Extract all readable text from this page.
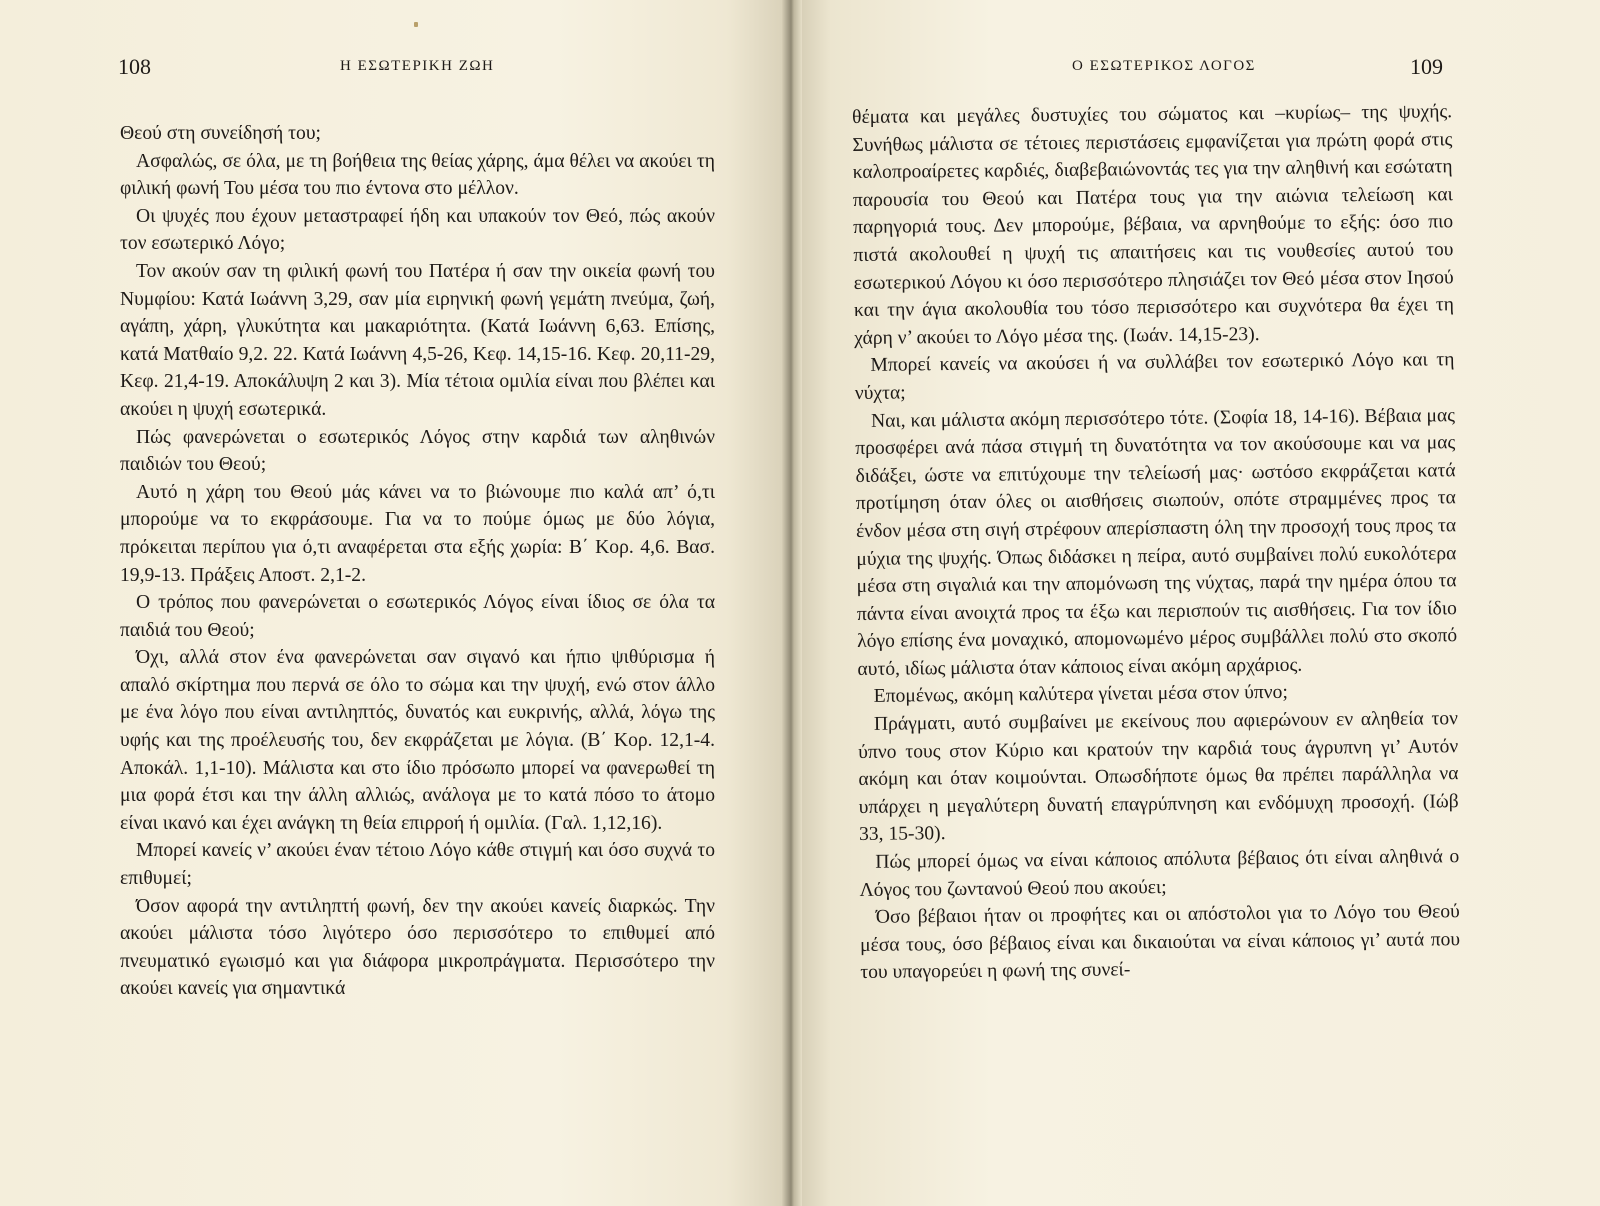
108	Η ΕΣΩΤΕΡΙΚΗ ΖΩΗ

Θεού στη συνείδησή του;

Ασφαλώς, σε όλα, με τη βοήθεια της θείας χάρης, άμα θέλει να ακούει τη φιλική φωνή Του μέσα του πιο έντονα στο μέλλον.

Οι ψυχές που έχουν μεταστραφεί ήδη και υπακούν τον Θεό, πώς ακούν τον εσωτερικό Λόγο;

Τον ακούν σαν τη φιλική φωνή του Πατέρα ή σαν την οικεία φωνή του Νυμφίου: Κατά Ιωάννη 3,29, σαν μία ειρηνική φωνή γεμάτη πνεύμα, ζωή, αγάπη, χάρη, γλυκύτητα και μακαριότητα. (Κατά Ιωάννη 6,63. Επίσης, κατά Ματθαίο 9,2. 22. Κατά Ιωάννη 4,5-26, Κεφ. 14,15-16. Κεφ. 20,11-29, Κεφ. 21,4-19. Αποκάλυψη 2 και 3). Μία τέτοια ομιλία είναι που βλέπει και ακούει η ψυχή εσωτερικά.

Πώς φανερώνεται ο εσωτερικός Λόγος στην καρδιά των αληθινών παιδιών του Θεού;

Αυτό η χάρη του Θεού μάς κάνει να το βιώνουμε πιο καλά απ’ ό,τι μπορούμε να το εκφράσουμε. Για να το πούμε όμως με δύο λόγια, πρόκειται περίπου για ό,τι αναφέρεται στα εξής χωρία: Β΄ Κορ. 4,6. Βασ. 19,9-13. Πράξεις Αποστ. 2,1-2.

Ο τρόπος που φανερώνεται ο εσωτερικός Λόγος είναι ίδιος σε όλα τα παιδιά του Θεού;

Όχι, αλλά στον ένα φανερώνεται σαν σιγανό και ήπιο ψιθύρισμα ή απαλό σκίρτημα που περνά σε όλο το σώμα και την ψυχή, ενώ στον άλλο με ένα λόγο που είναι αντιληπτός, δυνατός και ευκρινής, αλλά, λόγω της υφής και της προέλευσής του, δεν εκφράζεται με λόγια. (Β΄ Κορ. 12,1-4. Αποκάλ. 1,1-10). Μάλιστα και στο ίδιο πρόσωπο μπορεί να φανερωθεί τη μια φορά έτσι και την άλλη αλλιώς, ανάλογα με το κατά πόσο το άτομο είναι ικανό και έχει ανάγκη τη θεία επιρροή ή ομιλία. (Γαλ. 1,12,16).

Μπορεί κανείς ν’ ακούει έναν τέτοιο Λόγο κάθε στιγμή και όσο συχνά το επιθυμεί;

Όσον αφορά την αντιληπτή φωνή, δεν την ακούει κανείς διαρκώς. Την ακούει μάλιστα τόσο λιγότερο όσο περισσότερο το επιθυμεί από πνευματικό εγωισμό και για διάφορα μικροπράγματα. Περισσότερο την ακούει κανείς για σημαντικά

Ο ΕΣΩΤΕΡΙΚΟΣ ΛΟΓΟΣ	109

θέματα και μεγάλες δυστυχίες του σώματος και –κυρίως– της ψυχής. Συνήθως μάλιστα σε τέτοιες περιστάσεις εμφανίζεται για πρώτη φορά στις καλοπροαίρετες καρδιές, διαβεβαιώνοντάς τες για την αληθινή και εσώτατη παρουσία του Θεού και Πατέρα τους για την αιώνια τελείωση και παρηγοριά τους. Δεν μπορούμε, βέβαια, να αρνηθούμε το εξής: όσο πιο πιστά ακολουθεί η ψυχή τις απαιτήσεις και τις νουθεσίες αυτού του εσωτερικού Λόγου κι όσο περισσότερο πλησιάζει τον Θεό μέσα στον Ιησού και την άγια ακολουθία του τόσο περισσότερο και συχνότερα θα έχει τη χάρη ν’ ακούει το Λόγο μέσα της. (Ιωάν. 14,15-23).

Μπορεί κανείς να ακούσει ή να συλλάβει τον εσωτερικό Λόγο και τη νύχτα;

Ναι, και μάλιστα ακόμη περισσότερο τότε. (Σοφία 18, 14-16). Βέβαια μας προσφέρει ανά πάσα στιγμή τη δυνατότητα να τον ακούσουμε και να μας διδάξει, ώστε να επιτύχουμε την τελείωσή μας· ωστόσο εκφράζεται κατά προτίμηση όταν όλες οι αισθήσεις σιωπούν, οπότε στραμμένες προς τα ένδον μέσα στη σιγή στρέφουν απερίσπαστη όλη την προσοχή τους προς τα μύχια της ψυχής. Όπως διδάσκει η πείρα, αυτό συμβαίνει πολύ ευκολότερα μέσα στη σιγαλιά και την απομόνωση της νύχτας, παρά την ημέρα όπου τα πάντα είναι ανοιχτά προς τα έξω και περισπούν τις αισθήσεις. Για τον ίδιο λόγο επίσης ένα μοναχικό, απομονωμένο μέρος συμβάλλει πολύ στο σκοπό αυτό, ιδίως μάλιστα όταν κάποιος είναι ακόμη αρχάριος.

Επομένως, ακόμη καλύτερα γίνεται μέσα στον ύπνο;

Πράγματι, αυτό συμβαίνει με εκείνους που αφιερώνουν εν αληθεία τον ύπνο τους στον Κύριο και κρατούν την καρδιά τους άγρυπνη γι’ Αυτόν ακόμη και όταν κοιμούνται. Οπωσδήποτε όμως θα πρέπει παράλληλα να υπάρχει η μεγαλύτερη δυνατή επαγρύπνηση και ενδόμυχη προσοχή. (Ιώβ 33, 15-30).

Πώς μπορεί όμως να είναι κάποιος απόλυτα βέβαιος ότι είναι αληθινά ο Λόγος του ζωντανού Θεού που ακούει;

Όσο βέβαιοι ήταν οι προφήτες και οι απόστολοι για το Λόγο του Θεού μέσα τους, όσο βέβαιος είναι και δικαιούται να είναι κάποιος γι’ αυτά που του υπαγορεύει η φωνή της συνεί-
